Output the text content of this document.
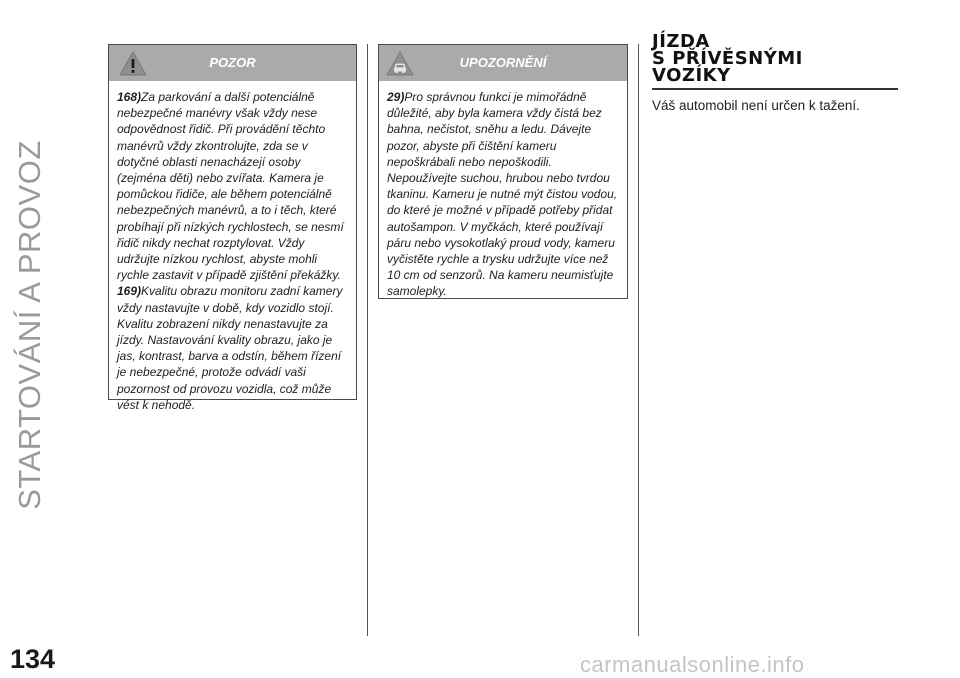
STARTOVÁNÍ A PROVOZ
134
POZOR

168)Za parkování a další potenciálně nebezpečné manévry však vždy nese odpovědnost řidič. Při provádění těchto manévrů vždy zkontrolujte, zda se v dotyčné oblasti nenacházejí osoby (zejména děti) nebo zvířata. Kamera je pomůckou řidiče, ale během potenciálně nebezpečných manévrů, a to i těch, které probíhají při nízkých rychlostech, se nesmí řidič nikdy nechat rozptylovat. Vždy udržujte nízkou rychlost, abyste mohli rychle zastavit v případě zjištění překážky.

169)Kvalitu obrazu monitoru zadní kamery vždy nastavujte v době, kdy vozidlo stojí. Kvalitu zobrazení nikdy nenastavujte za jízdy. Nastavování kvality obrazu, jako je jas, kontrast, barva a odstín, během řízení je nebezpečné, protože odvádí vaši pozornost od provozu vozidla, což může vést k nehodě.

UPOZORNĚNÍ

29)Pro správnou funkci je mimořádně důležité, aby byla kamera vždy čistá bez bahna, nečistot, sněhu a ledu. Dávejte pozor, abyste při čištění kameru nepoškrábali nebo nepoškodili. Nepoužívejte suchou, hrubou nebo tvrdou tkaninu. Kameru je nutné mýt čistou vodou, do které je možné v případě potřeby přidat autošampon. V myčkách, které používají páru nebo vysokotlaký proud vody, kameru vyčistěte rychle a trysku udržujte více než 10 cm od senzorů. Na kameru neumisťujte samolepky.

JÍZDA
S PŘÍVĚSNÝMI
VOZÍKY
Váš automobil není určen k tažení.
carmanualsonline.info
